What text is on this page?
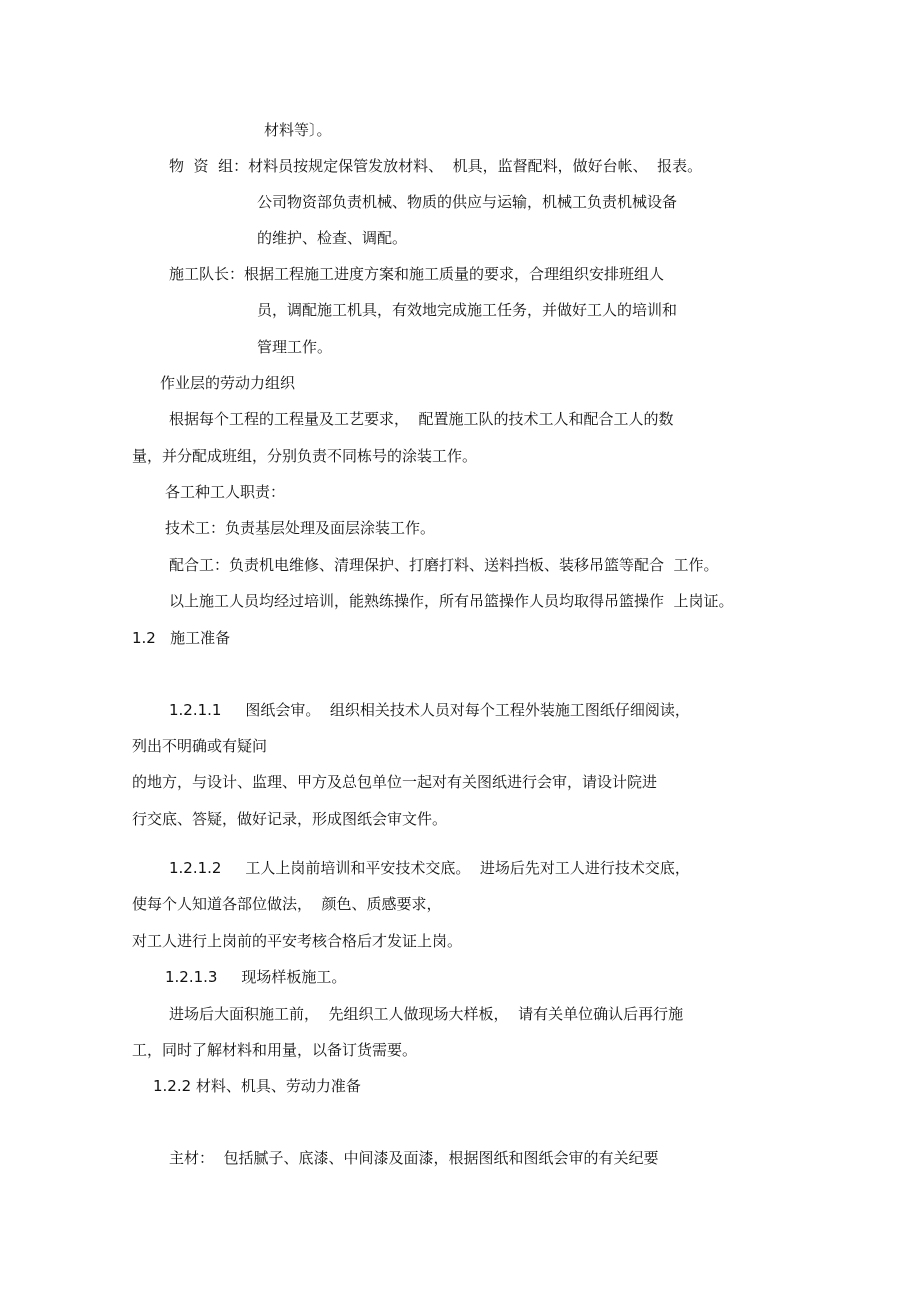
材料等〕。
物  资  组：材料员按规定保管发放材料、  机具，监督配料，做好台帐、  报表。
公司物资部负责机械、物质的供应与运输，机械工负责机械设备
的维护、检查、调配。
施工队长：根据工程施工进度方案和施工质量的要求，合理组织安排班组人
员，调配施工机具，有效地完成施工任务，并做好工人的培训和
管理工作。
作业层的劳动力组织
根据每个工程的工程量及工艺要求，  配置施工队的技术工人和配合工人的数
量，并分配成班组，分别负责不同栋号的涂装工作。
各工种工人职责：
技术工：负责基层处理及面层涂装工作。
配合工：负责机电维修、清理保护、打磨打料、送料挡板、装移吊篮等配合  工作。
以上施工人员均经过培训，能熟练操作，所有吊篮操作人员均取得吊篮操作  上岗证。
1.2   施工准备
1.2.1.1     图纸会审。  组织相关技术人员对每个工程外装施工图纸仔细阅读，
列出不明确或有疑问
的地方，与设计、监理、甲方及总包单位一起对有关图纸进行会审，请设计院进
行交底、答疑，做好记录，形成图纸会审文件。
1.2.1.2     工人上岗前培训和平安技术交底。  进场后先对工人进行技术交底，
使每个人知道各部位做法，  颜色、质感要求，
对工人进行上岗前的平安考核合格后才发证上岗。
1.2.1.3     现场样板施工。
进场后大面积施工前，  先组织工人做现场大样板，  请有关单位确认后再行施
工，同时了解材料和用量，以备订货需要。
1.2.2 材料、机具、劳动力准备
主材：  包括腻子、底漆、中间漆及面漆，根据图纸和图纸会审的有关纪要
